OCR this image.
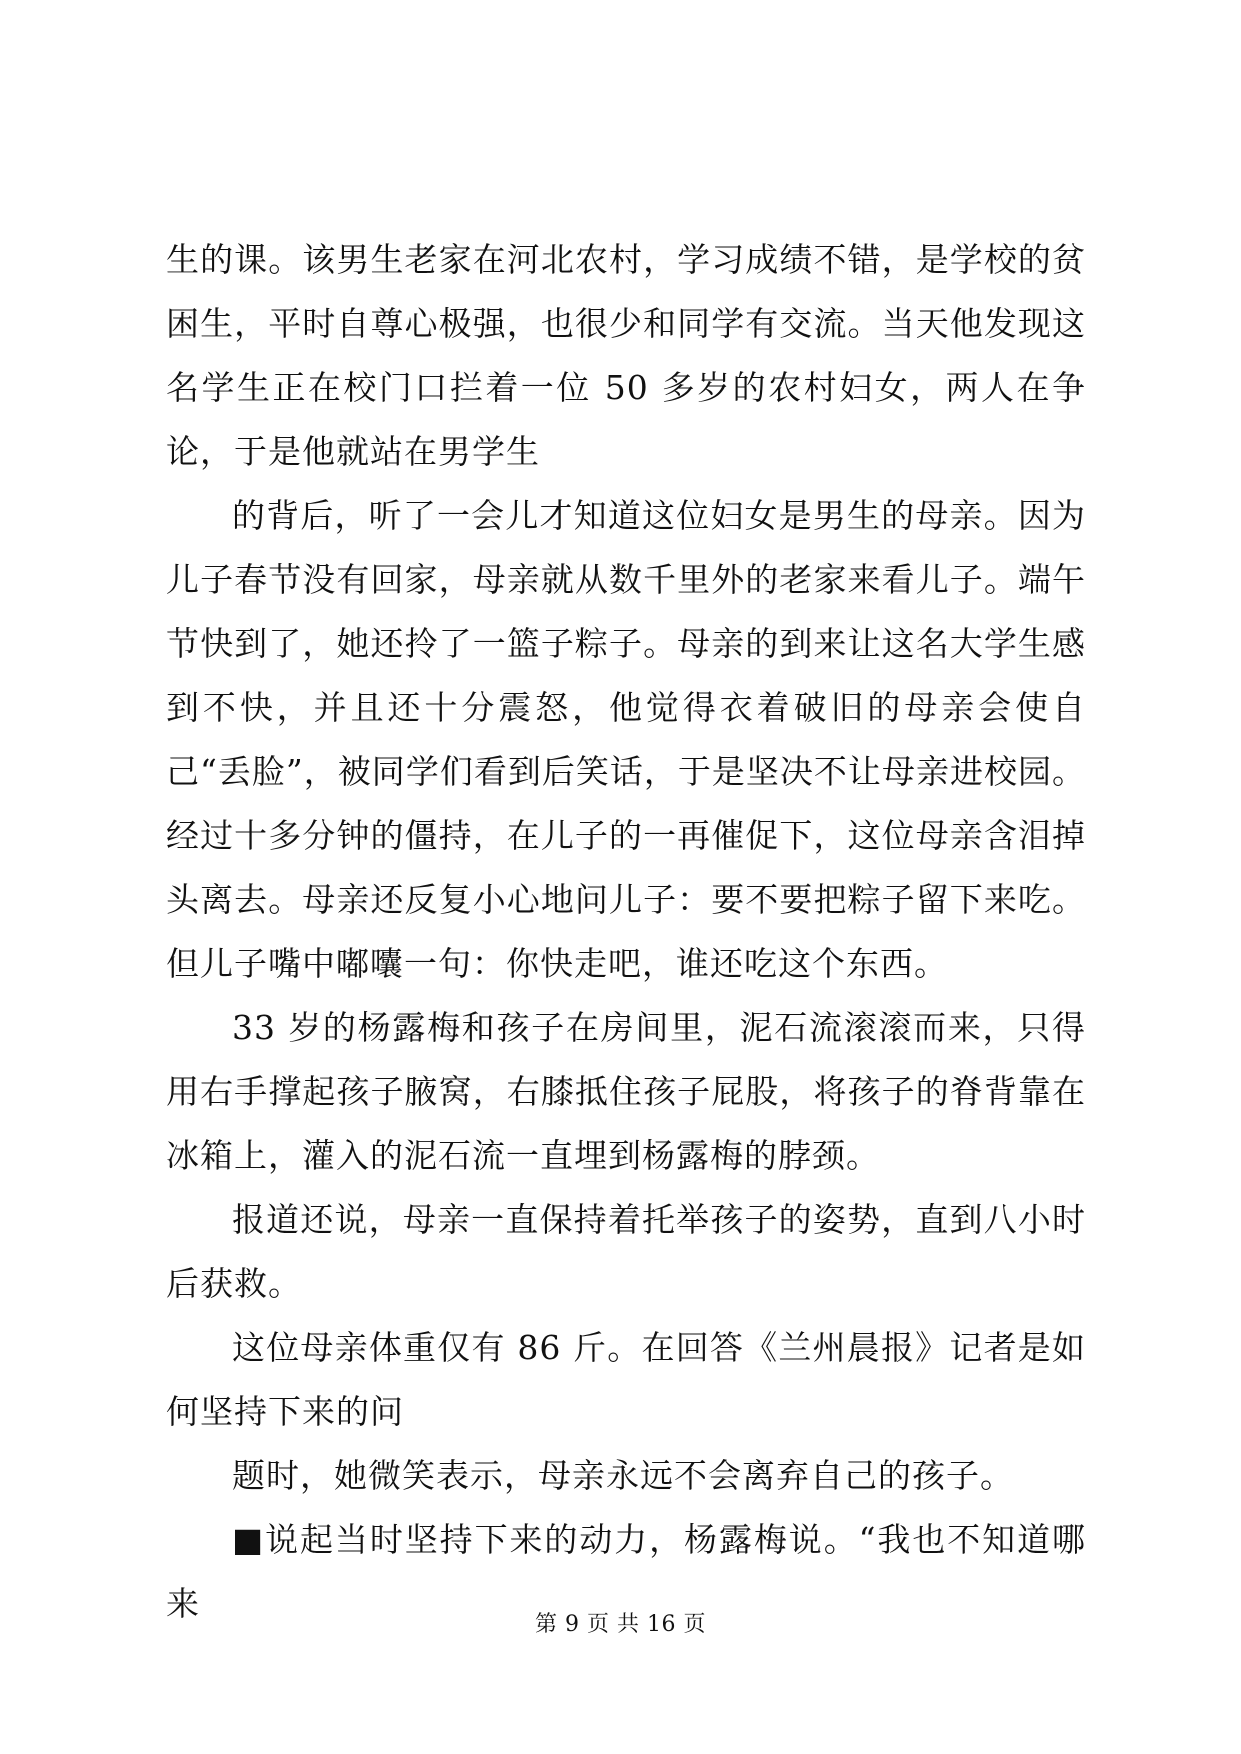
生的课。该男生老家在河北农村，学习成绩不错，是学校的贫困生，平时自尊心极强，也很少和同学有交流。当天他发现这名学生正在校门口拦着一位 50 多岁的农村妇女，两人在争论，于是他就站在男学生

的背后，听了一会儿才知道这位妇女是男生的母亲。因为儿子春节没有回家，母亲就从数千里外的老家来看儿子。端午节快到了，她还拎了一篮子粽子。母亲的到来让这名大学生感到不快，并且还十分震怒，他觉得衣着破旧的母亲会使自己“丢脸”，被同学们看到后笑话，于是坚决不让母亲进校园。经过十多分钟的僵持，在儿子的一再催促下，这位母亲含泪掉头离去。母亲还反复小心地问儿子：要不要把粽子留下来吃。但儿子嘴中嘟囔一句：你快走吧，谁还吃这个东西。

33 岁的杨露梅和孩子在房间里，泥石流滚滚而来，只得用右手撑起孩子腋窝，右膝抵住孩子屁股，将孩子的脊背靠在冰箱上，灌入的泥石流一直埋到杨露梅的脖颈。

报道还说，母亲一直保持着托举孩子的姿势，直到八小时后获救。

这位母亲体重仅有 86 斤。在回答《兰州晨报》记者是如何坚持下来的问

题时，她微笑表示，母亲永远不会离弃自己的孩子。

■说起当时坚持下来的动力，杨露梅说。“我也不知道哪来

第 9 页 共 16 页
